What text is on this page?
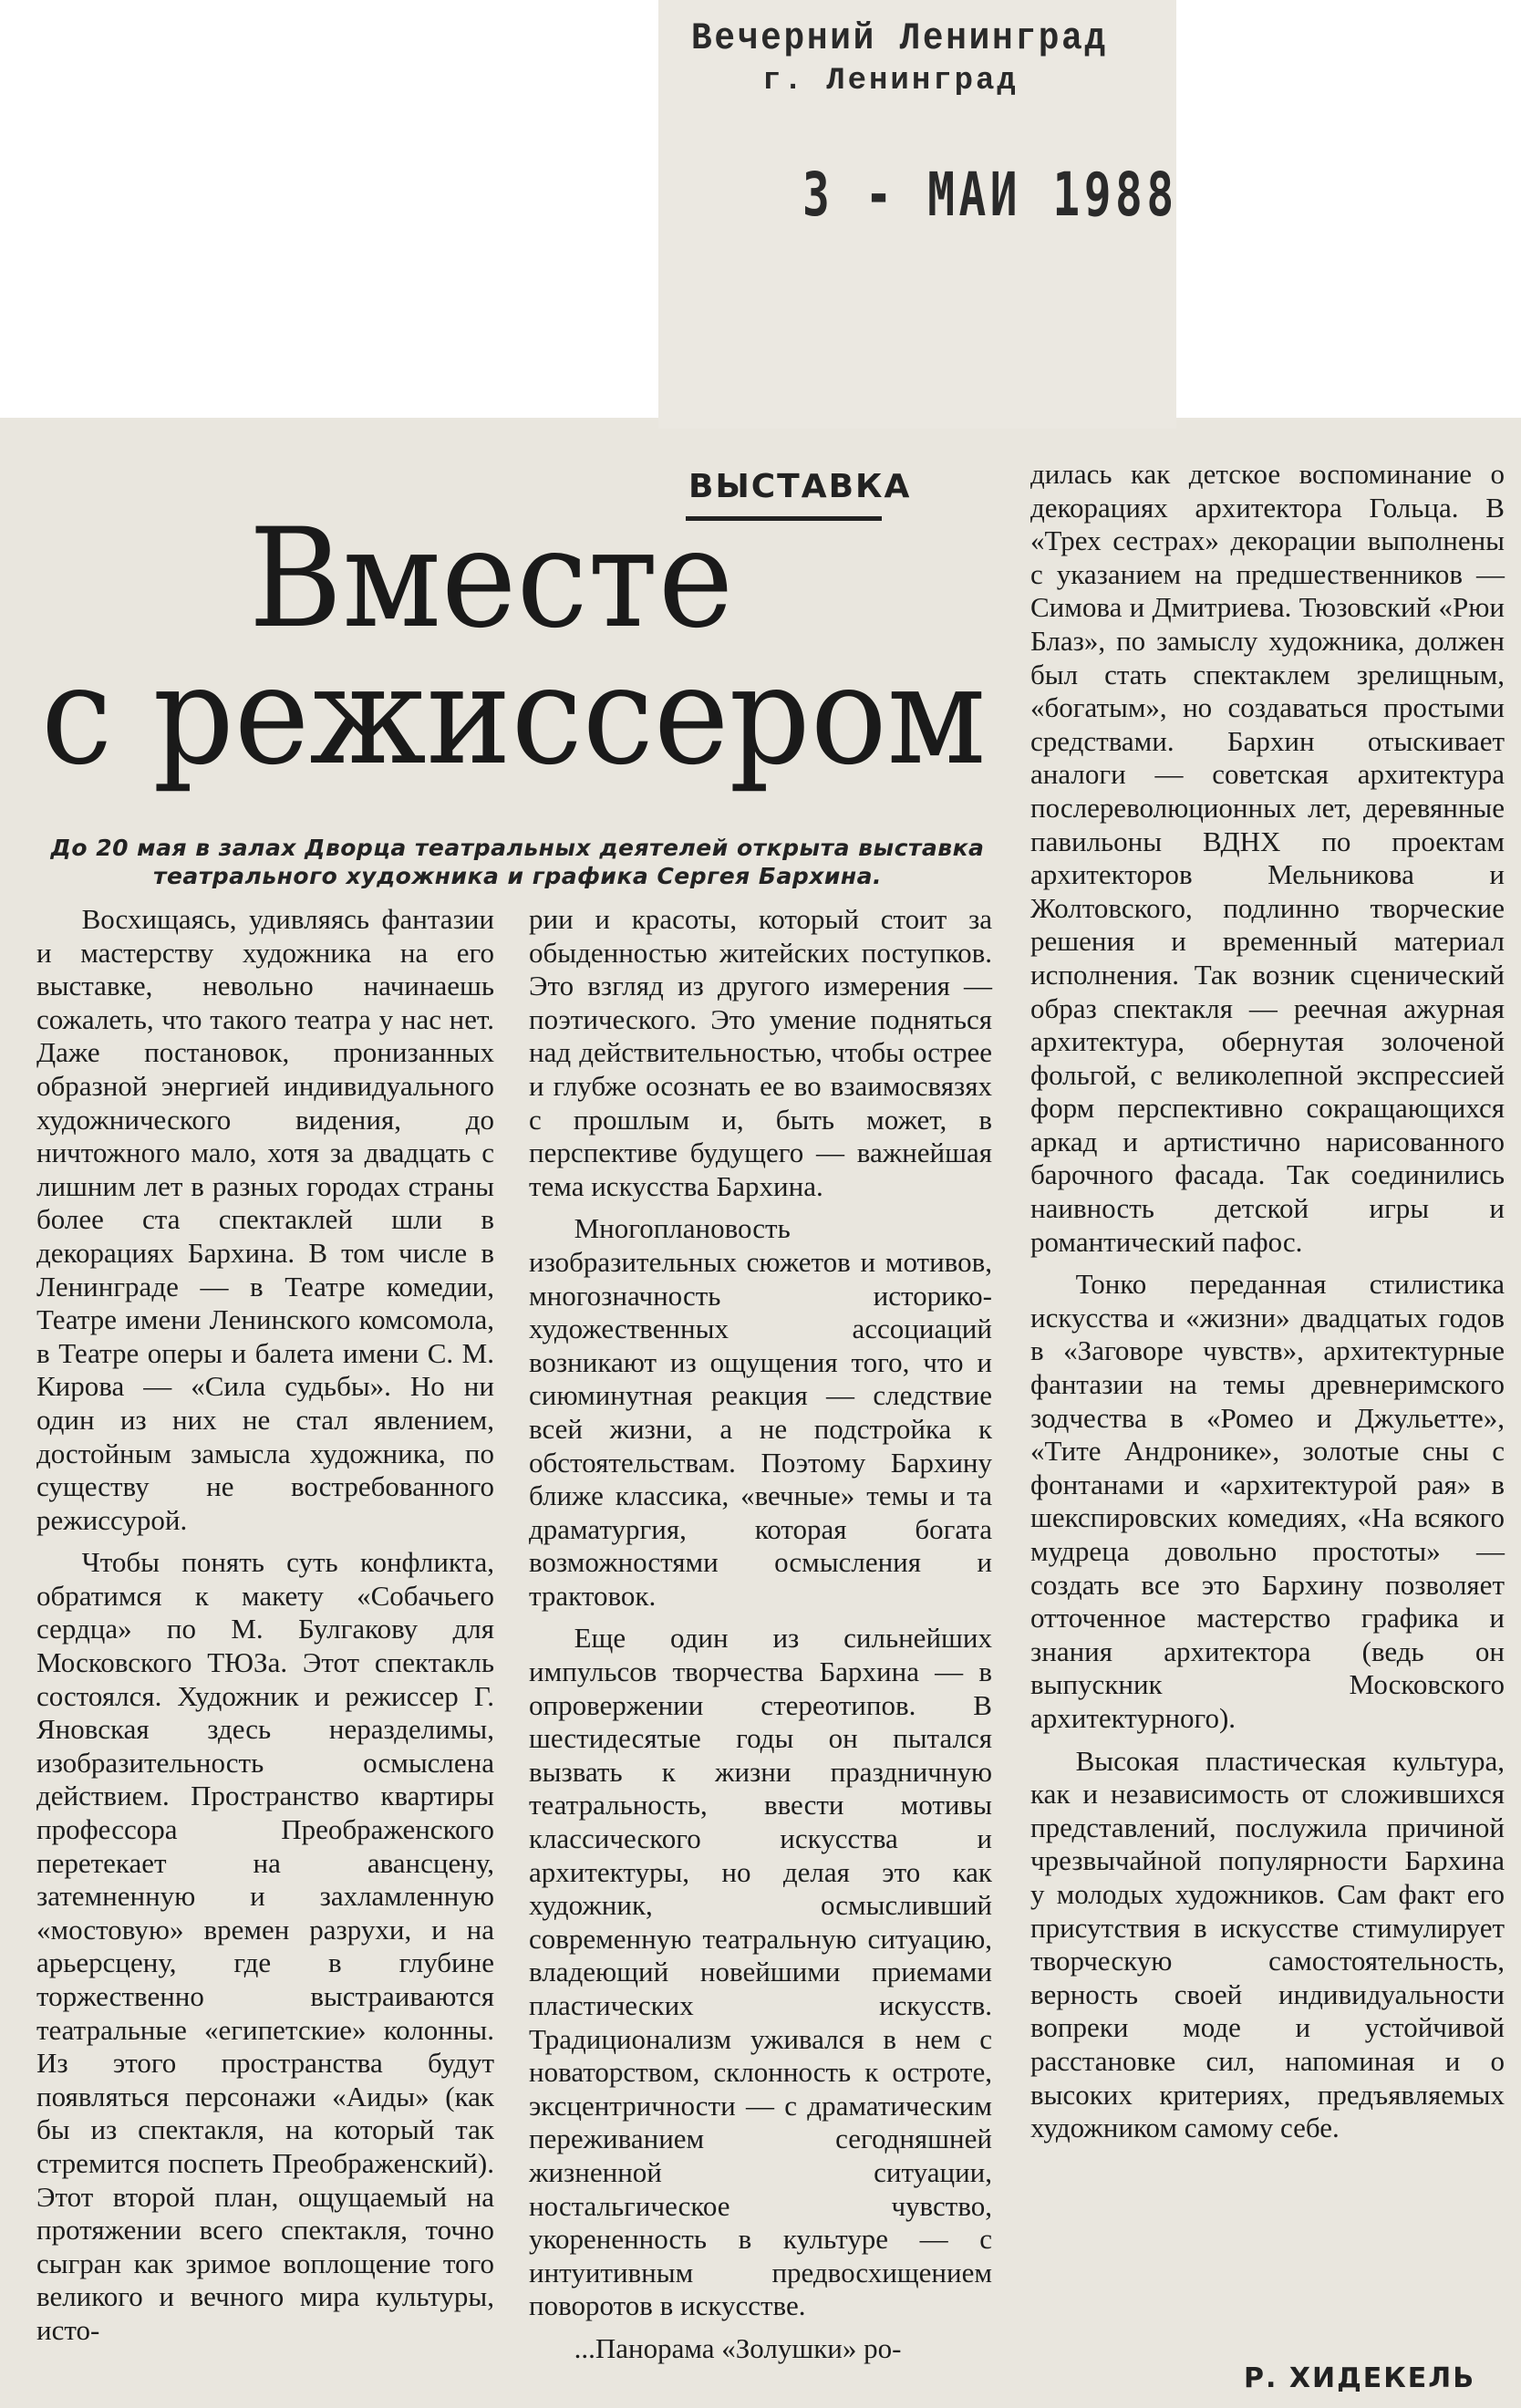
Вечерний Ленинград
г. Ленинград
3 - МАИ 1988
ВЫСТАВКА
Вместе
с режиссером
До 20 мая в залах Дворца театральных деятелей открыта выставка театрального художника и графика Сергея Бархина.

Восхищаясь, удивляясь фантазии и мастерству художника на его выставке, невольно начинаешь сожалеть, что такого театра у нас нет. Даже постановок, пронизанных образной энергией индивидуального художнического видения, до ничтожного мало, хотя за двадцать с лишним лет в разных городах страны более ста спектаклей шли в декорациях Бархина. В том числе в Ленинграде — в Театре комедии, Театре имени Ленинского комсомола, в Театре оперы и балета имени С. М. Кирова — «Сила судьбы». Но ни один из них не стал явлением, достойным замысла художника, по существу не востребованного режиссурой.

Чтобы понять суть конфликта, обратимся к макету «Собачьего сердца» по М. Булгакову для Московского ТЮЗа. Этот спектакль состоялся. Художник и режиссер Г. Яновская здесь неразделимы, изобразительность осмыслена действием. Пространство квартиры профессора Преображенского перетекает на авансцену, затемненную и захламленную «мостовую» времен разрухи, и на арьерсцену, где в глубине торжественно выстраиваются театральные «египетские» колонны. Из этого пространства будут появляться персонажи «Аиды» (как бы из спектакля, на который так стремится поспеть Преображенский). Этот второй план, ощущаемый на протяжении всего спектакля, точно сыгран как зримое воплощение того великого и вечного мира культуры, исто-

рии и красоты, который стоит за обыденностью житейских поступков. Это взгляд из другого измерения — поэтического. Это умение подняться над действительностью, чтобы острее и глубже осознать ее во взаимосвязях с прошлым и, быть может, в перспективе будущего — важнейшая тема искусства Бархина.

Многоплановость изобразительных сюжетов и мотивов, многозначность историко-художественных ассоциаций возникают из ощущения того, что и сиюминутная реакция — следствие всей жизни, а не подстройка к обстоятельствам. Поэтому Бархину ближе классика, «вечные» темы и та драматургия, которая богата возможностями осмысления и трактовок.

Еще один из сильнейших импульсов творчества Бархина — в опровержении стереотипов. В шестидесятые годы он пытался вызвать к жизни праздничную театральность, ввести мотивы классического искусства и архитектуры, но делая это как художник, осмысливший современную театральную ситуацию, владеющий новейшими приемами пластических искусств. Традиционализм уживался в нем с новаторством, склонность к остроте, эксцентричности — с драматическим переживанием сегодняшней жизненной ситуации, ностальгическое чувство, укорененность в культуре — с интуитивным предвосхищением поворотов в искусстве.

...Панорама «Золушки» ро-

дилась как детское воспоминание о декорациях архитектора Гольца. В «Трех сестрах» декорации выполнены с указанием на предшественников — Симова и Дмитриева. Тюзовский «Рюи Блаз», по замыслу художника, должен был стать спектаклем зрелищным, «богатым», но создаваться простыми средствами. Бархин отыскивает аналоги — советская архитектура послереволюционных лет, деревянные павильоны ВДНХ по проектам архитекторов Мельникова и Жолтовского, подлинно творческие решения и временный материал исполнения. Так возник сценический образ спектакля — реечная ажурная архитектура, обернутая золоченой фольгой, с великолепной экспрессией форм перспективно сокращающихся аркад и артистично нарисованного барочного фасада. Так соединились наивность детской игры и романтический пафос.

Тонко переданная стилистика искусства и «жизни» двадцатых годов в «Заговоре чувств», архитектурные фантазии на темы древнеримского зодчества в «Ромео и Джульетте», «Тите Андронике», золотые сны с фонтанами и «архитектурой рая» в шекспировских комедиях, «На всякого мудреца довольно простоты» — создать все это Бархину позволяет отточенное мастерство графика и знания архитектора (ведь он выпускник Московского архитектурного).

Высокая пластическая культура, как и независимость от сложившихся представлений, послужила причиной чрезвычайной популярности Бархина у молодых художников. Сам факт его присутствия в искусстве стимулирует творческую самостоятельность, верность своей индивидуальности вопреки моде и устойчивой расстановке сил, напоминая и о высоких критериях, предъявляемых художником самому себе.

Р. ХИДЕКЕЛЬ
